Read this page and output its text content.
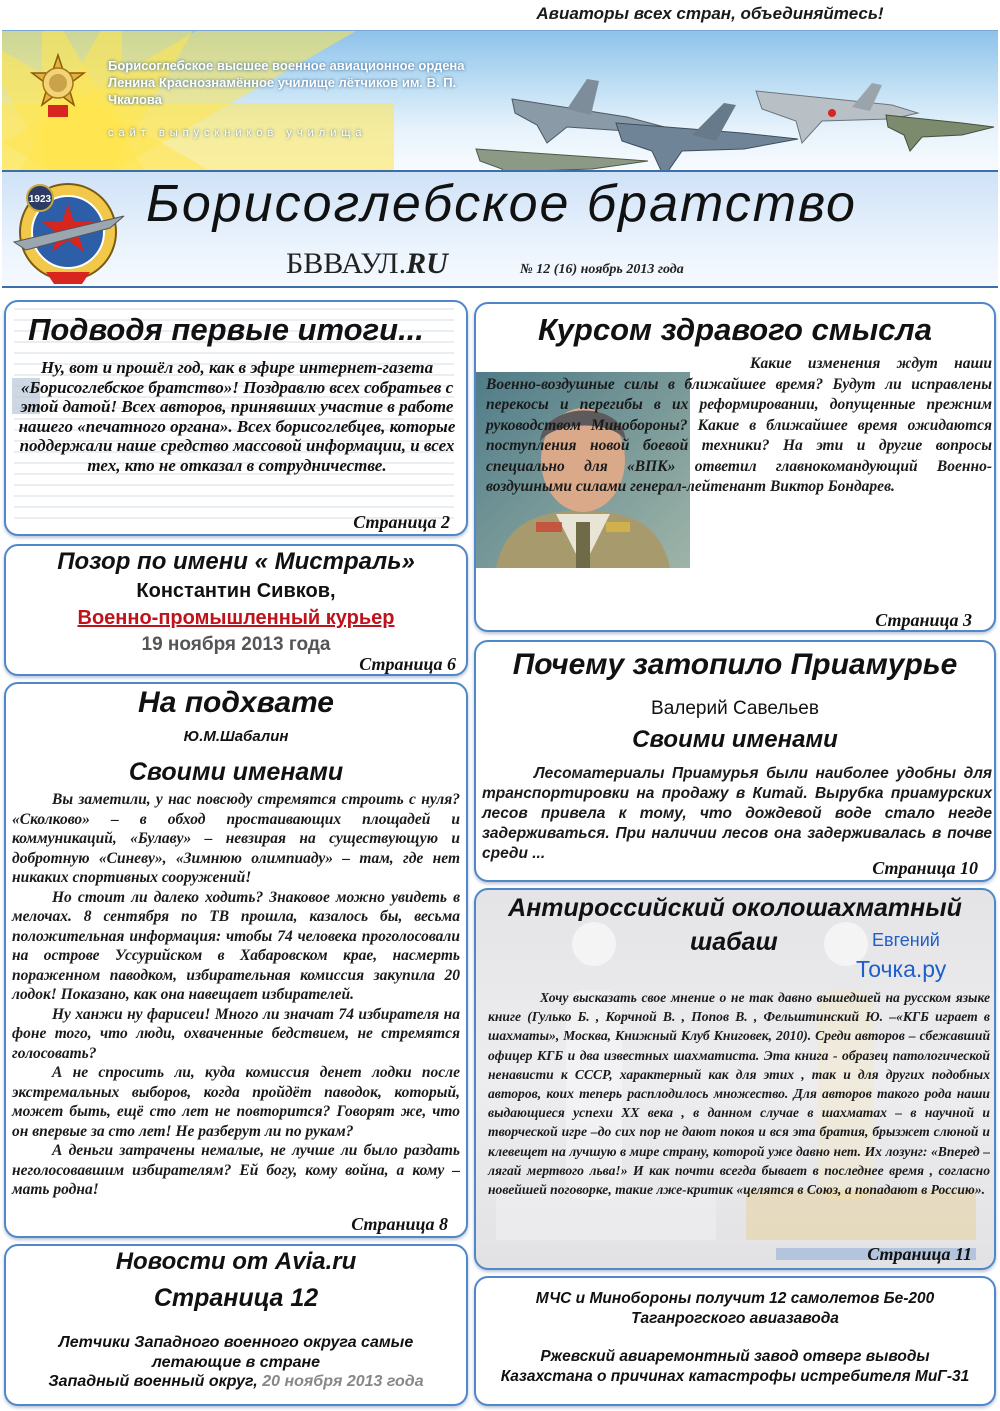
Авиаторы всех стран, объединяйтесь!
Борисоглебское высшее военное авиационное ордена Ленина Краснознамённое училище лётчиков им. В. П. Чкалова
сайт выпускников училища
1923 Борисоглебское братство
БВВАУЛ.RU	№ 12 (16) ноябрь 2013 года
Подводя первые итоги...
Ну, вот и прошёл год, как в эфире интернет-газета «Борисоглебское братство»! Поздравлю всех собратьев с этой датой! Всех авторов, принявших участие в работе нашего «печатного органа». Всех борисоглебцев, которые поддержали наше средство массовой информации, и всех тех, кто не отказал в сотрудничестве.
Страница 2
Позор по имени « Мистраль»
Константин Сивков,
Военно-промышленный курьер
19 ноября 2013 года
Страница 6
На подхвате
Ю.М.Шабалин
Своими именами

Вы заметили, у нас повсюду стремятся строить с нуля? «Сколково» – в обход простаивающих площадей и коммуникаций, «Булаву» – невзирая на существующую и добротную «Синеву», «Зимнюю олимпиаду» – там, где нет никаких спортивных сооружений!

Но стоит ли далеко ходить? Знаковое можно увидеть в мелочах. 8 сентября по ТВ прошла, казалось бы, весьма положительная информация: чтобы 74 человека проголосовали на острове Уссурийском в Хабаровском крае, насмерть пораженном паводком, избирательная комиссия закупила 20 лодок! Показано, как она навещает избирателей.

Ну ханжи ну фарисеи! Много ли значат 74 избирателя на фоне того, что люди, охваченные бедствием, не стремятся голосовать?

А не спросить ли, куда комиссия денет лодки после экстремальных выборов, когда пройдёт паводок, который, может быть, ещё сто лет не повторится? Говорят же, что он впервые за сто лет! Не разберут ли по рукам?

А деньги затрачены немалые, не лучше ли было раздать неголосовавшим избирателям? Ей богу, кому война, а кому – мать родна!

Страница 8
Новости от Avia.ru
Страница 12
Летчики Западного военного округа самые
летающие в стране
Западный военный округ, 20 ноября 2013 года
Курсом здравого смысла
Какие изменения ждут наши Военно-воздушные силы в ближайшее время? Будут ли исправлены перекосы и перегибы в их реформировании, допущенные прежним руководством Минобороны? Какие в ближайшее время ожидаются поступления новой боевой техники? На эти и другие вопросы специально для «ВПК» ответил главнокомандующий Военно-воздушными силами генерал-лейтенант Виктор Бондарев.
Страница 3
Почему затопило Приамурье
Валерий Савельев
Своими именами
Лесоматериалы Приамурья были наиболее удобны для транспортировки на продажу в Китай. Вырубка приамурских лесов привела к тому, что дождевой воде стало негде задерживаться. При наличии лесов она задерживалась в почве среди ...
Страница 10
Антироссийский околошахматный
шабаш	Евгений
Точка.ру
Хочу высказать свое мнение о не так давно вышедшей на русском языке книге (Гулько Б. , Корчной В. , Попов В. , Фельштинский Ю. –«КГБ играет в шахматы», Москва, Книжный Клуб Книговек, 2010). Среди авторов – сбежавший офицер КГБ и два известных шахматиста. Эта книга - образец патологической ненависти к СССР, характерный как для этих , так и для других подобных авторов, коих теперь расплодилось множество. Для авторов такого рода наши выдающиеся успехи ХХ века , в данном случае в шахматах – в научной и творческой игре –до сих пор не дают покоя и вся эта братия, брызжет слюной и клевещет на лучшую в мире страну, которой уже давно нет. Их лозунг: «Вперед – лягай мертвого льва!» И как почти всегда бывает в последнее время , согласно новейшей поговорке, такие лже-критик «целятся в Союз, а попадают в Россию».
Страница 11
МЧС и Минобороны получит 12 самолетов Бе-200
Таганрогского авиазавода
Ржевский авиаремонтный завод отверг выводы
Казахстана о причинах катастрофы истребителя МиГ-31
